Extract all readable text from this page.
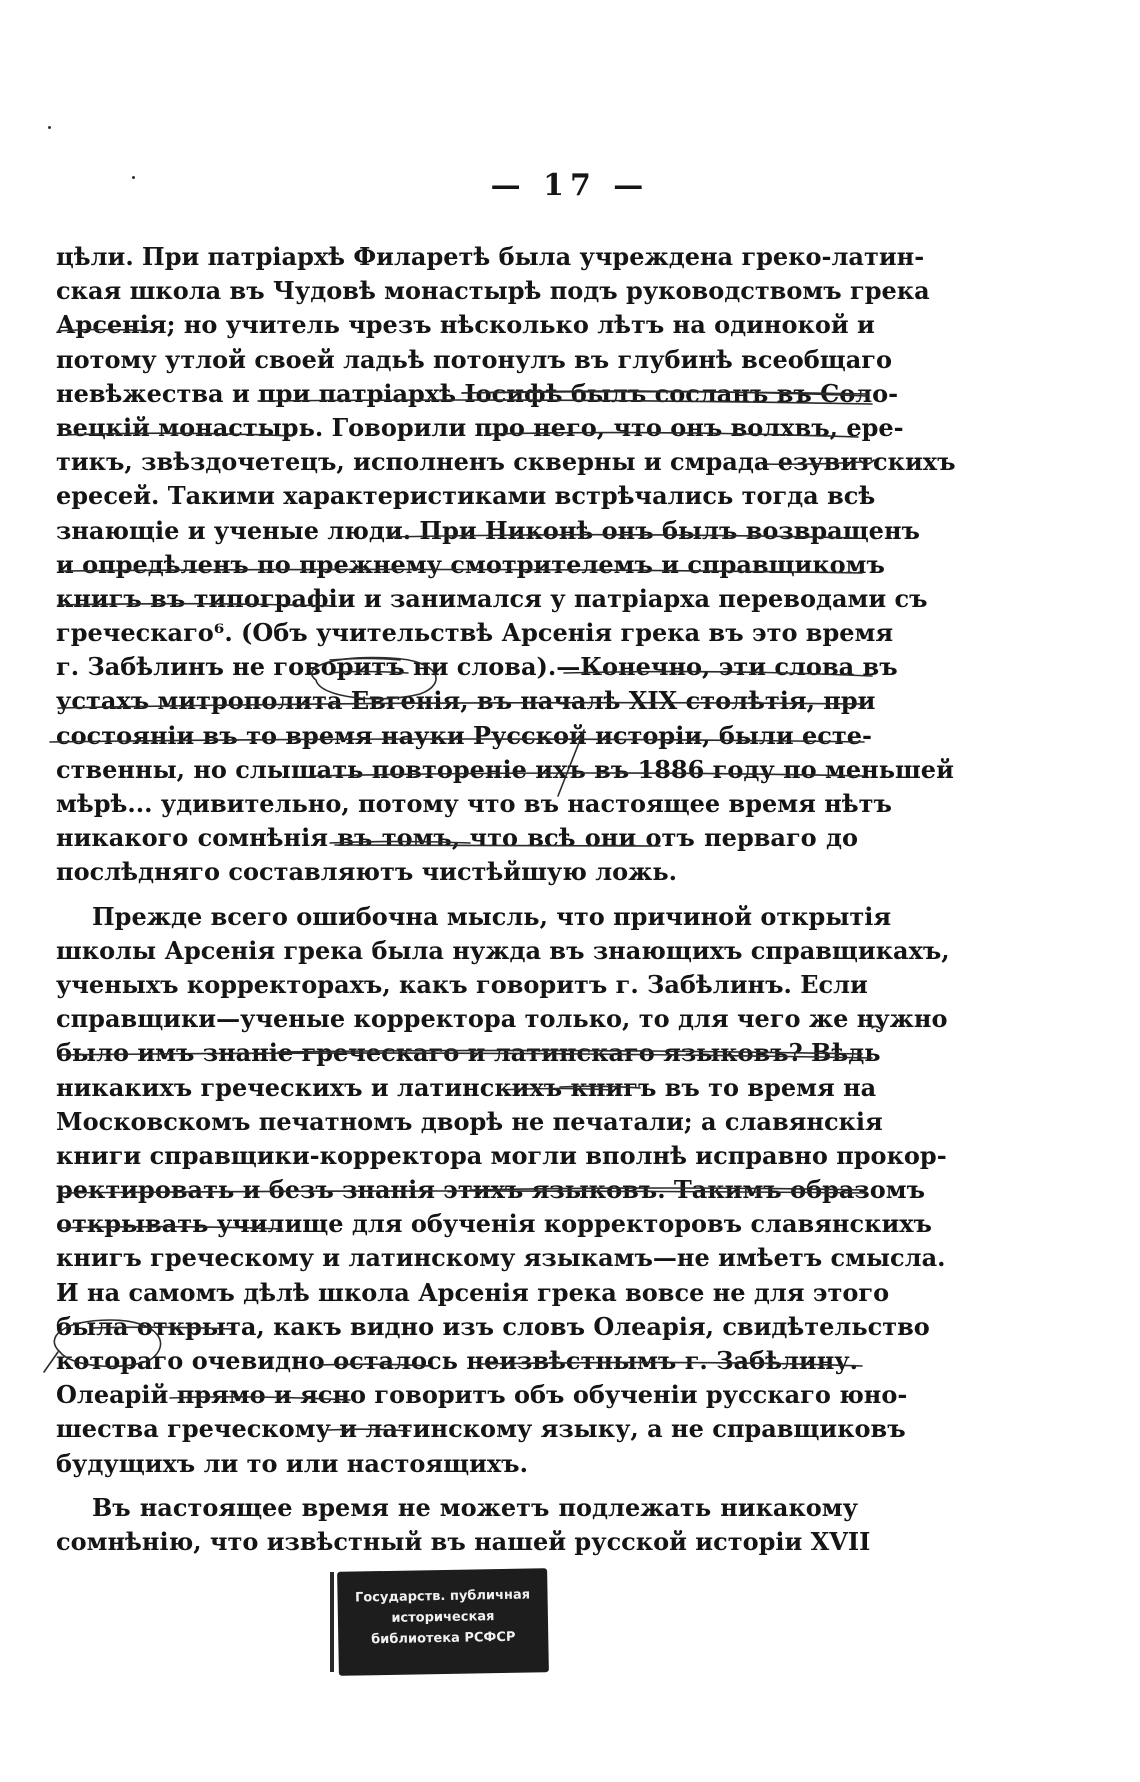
— 17 —
цѣли. При патріархѣ Филаретѣ была учреждена греко-латин-
ская школа въ Чудовѣ монастырѣ подъ руководствомъ грека
Арсенія; но учитель чрезъ нѣсколько лѣтъ на одинокой и
потому утлой своей ладьѣ потонулъ въ глубинѣ всеобщаго
невѣжества и при патріархѣ Іосифѣ былъ сосланъ въ Соло-
вецкій монастырь. Говорили про него, что онъ волхвъ, ере-
тикъ, звѣздочетецъ, исполненъ скверны и смрада езувитскихъ
ересей. Такими характеристиками встрѣчались тогда всѣ
знающіе и ученые люди. При Никонѣ онъ былъ возвращенъ
и опредѣленъ по прежнему смотрителемъ и справщикомъ
книгъ въ типографіи и занимался у патріарха переводами съ
греческаго⁶. (Объ учительствѣ Арсенія грека въ это время
г. Забѣлинъ не говоритъ ни слова).—Конечно, эти слова въ
устахъ митрополита Евгенія, въ началѣ XIX столѣтія, при
состояніи въ то время науки Русской исторіи, были есте-
ственны, но слышать повтореніе ихъ въ 1886 году по меньшей
мѣрѣ... удивительно, потому что въ настоящее время нѣтъ
никакого сомнѣнія въ томъ, что всѣ они отъ перваго до
послѣдняго составляютъ чистѣйшую ложь.
Прежде всего ошибочна мысль, что причиной открытія
школы Арсенія грека была нужда въ знающихъ справщикахъ,
ученыхъ корректорахъ, какъ говоритъ г. Забѣлинъ. Если
справщики—ученые корректора только, то для чего же нужно
было имъ знаніе греческаго и латинскаго языковъ? Вѣдь
никакихъ греческихъ и латинскихъ книгъ въ то время на
Московскомъ печатномъ дворѣ не печатали; а славянскія
книги справщики-корректора могли вполнѣ исправно прокор-
ректировать и безъ знанія этихъ языковъ. Такимъ образомъ
открывать училище для обученія корректоровъ славянскихъ
книгъ греческому и латинскому языкамъ—не имѣетъ смысла.
И на самомъ дѣлѣ школа Арсенія грека вовсе не для этого
была открыта, какъ видно изъ словъ Олеарія, свидѣтельство
котораго очевидно осталось неизвѣстнымъ г. Забѣлину.
Олеарій прямо и ясно говоритъ объ обученіи русскаго юно-
шества греческому и латинскому языку, а не справщиковъ
будущихъ ли то или настоящихъ.
Въ настоящее время не можетъ подлежать никакому
сомнѣнію, что извѣстный въ нашей русской исторіи XVII
Государств. публичная
историческая
библиотека РСФСР
